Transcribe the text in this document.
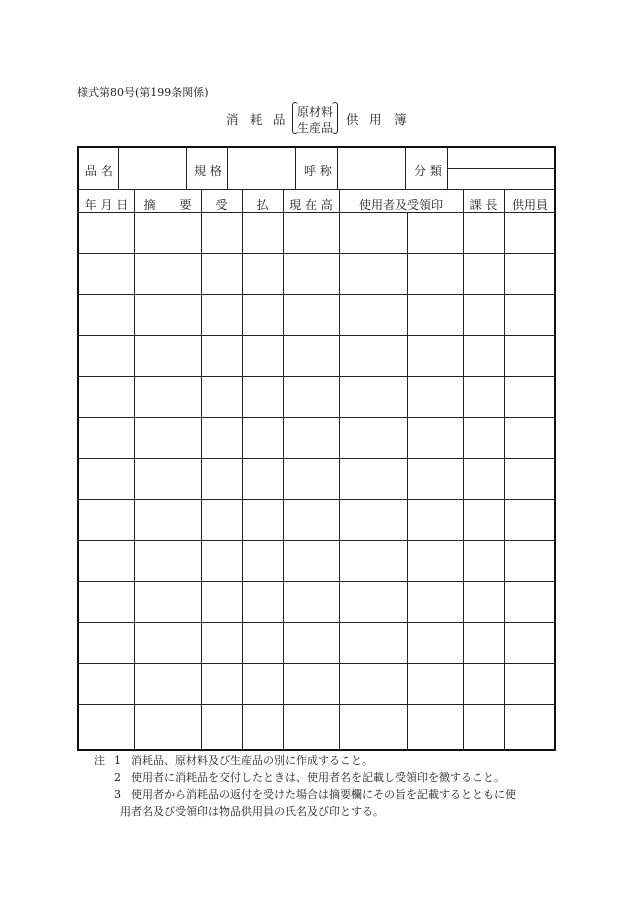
様式第80号(第199条関係)
消 耗 品 原材料
生産品
供 用 簿
品 名	規 格	呼 称	分 類
年 月 日	摘　　要	受	払	現 在 高	使用者及受領印	課 長	供用員
注 1 消耗品、原材料及び生産品の別に作成すること。
2 使用者に消耗品を交付したときは、使用者名を記載し受領印を徴すること。
3 使用者から消耗品の返付を受けた場合は摘要欄にその旨を記載するとともに使
用者名及び受領印は物品供用員の氏名及び印とする。
